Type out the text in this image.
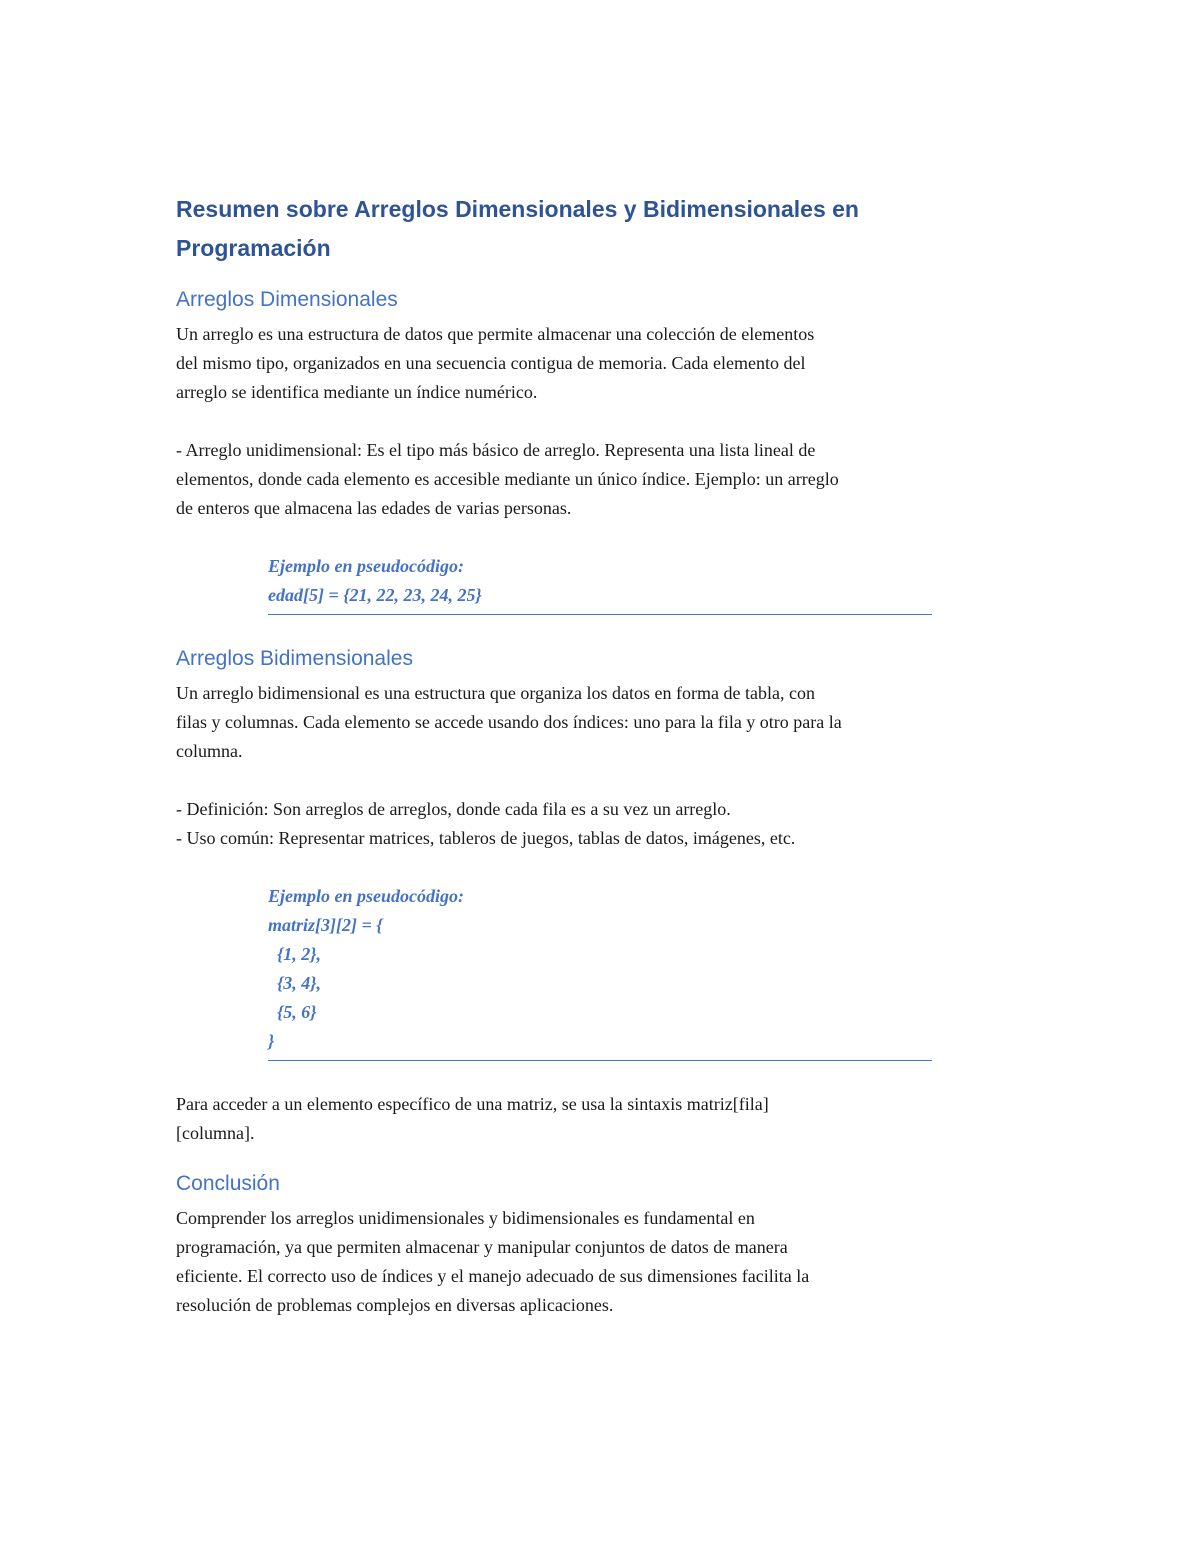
Resumen sobre Arreglos Dimensionales y Bidimensionales en
Programación
Arreglos Dimensionales
Un arreglo es una estructura de datos que permite almacenar una colección de elementos
del mismo tipo, organizados en una secuencia contigua de memoria. Cada elemento del
arreglo se identifica mediante un índice numérico.
- Arreglo unidimensional: Es el tipo más básico de arreglo. Representa una lista lineal de
elementos, donde cada elemento es accesible mediante un único índice. Ejemplo: un arreglo
de enteros que almacena las edades de varias personas.
Ejemplo en pseudocódigo:
edad[5] = {21, 22, 23, 24, 25}
Arreglos Bidimensionales
Un arreglo bidimensional es una estructura que organiza los datos en forma de tabla, con
filas y columnas. Cada elemento se accede usando dos índices: uno para la fila y otro para la
columna.
- Definición: Son arreglos de arreglos, donde cada fila es a su vez un arreglo.
- Uso común: Representar matrices, tableros de juegos, tablas de datos, imágenes, etc.
Ejemplo en pseudocódigo:
matriz[3][2] = {
{1, 2},
{3, 4},
{5, 6}
}
Para acceder a un elemento específico de una matriz, se usa la sintaxis matriz[fila]
[columna].
Conclusión
Comprender los arreglos unidimensionales y bidimensionales es fundamental en
programación, ya que permiten almacenar y manipular conjuntos de datos de manera
eficiente. El correcto uso de índices y el manejo adecuado de sus dimensiones facilita la
resolución de problemas complejos en diversas aplicaciones.
